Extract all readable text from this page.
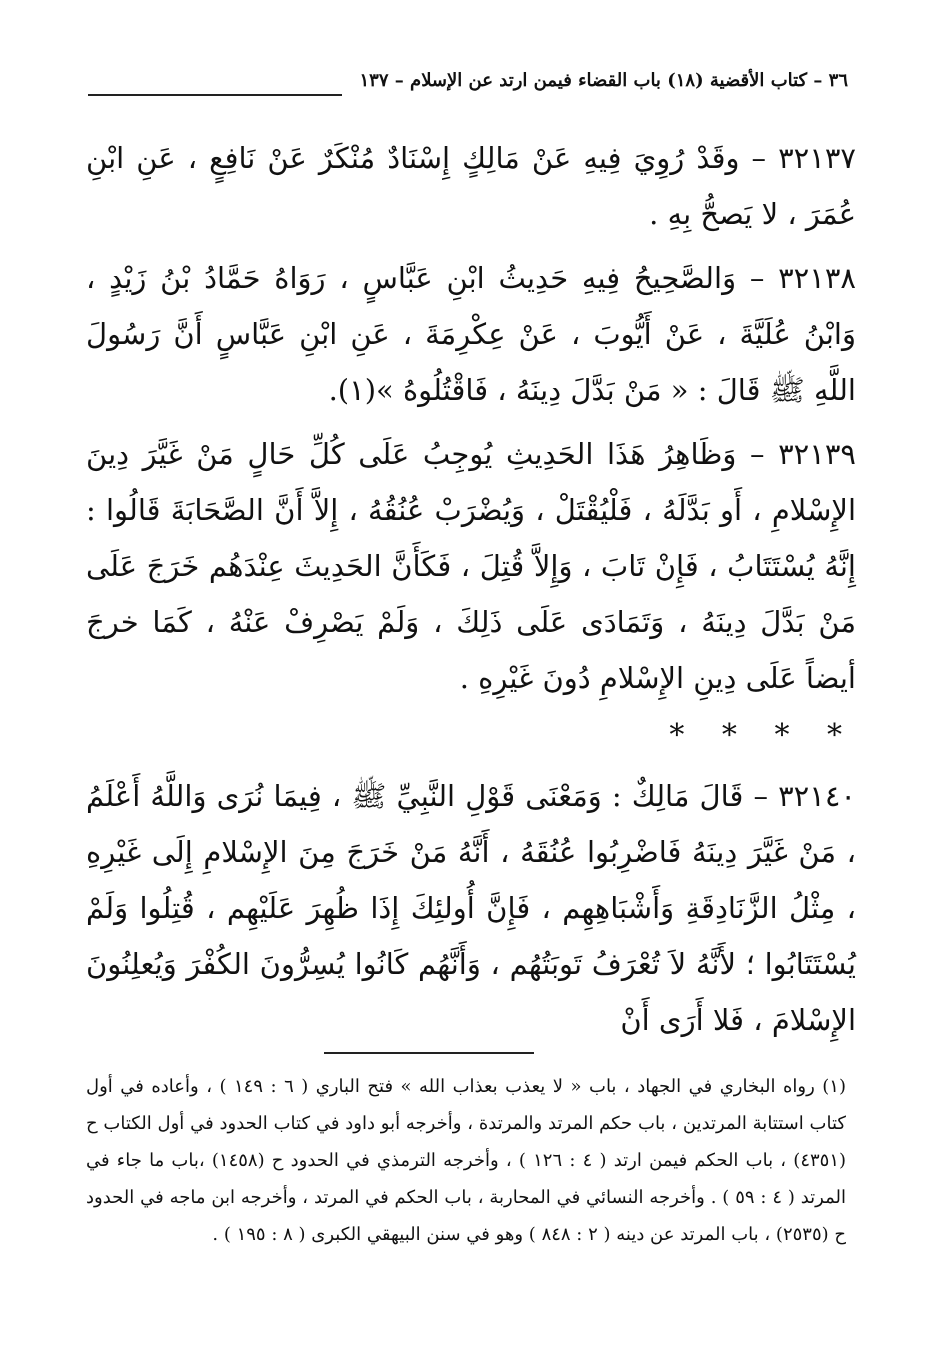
٣٦ – كتاب الأقضية (١٨) باب القضاء فيمن ارتد عن الإسلام – ١٣٧

٣٢١٣٧ – وقَدْ رُوِيَ فِيهِ عَنْ مَالِكٍ إِسْنَادٌ مُنْكَرٌ عَنْ نَافِعٍ ، عَنِ ابْنِ عُمَرَ ، لا يَصحُّ بِهِ .

٣٢١٣٨ – وَالصَّحِيحُ فِيهِ حَدِيثُ ابْنِ عَبَّاسٍ ، رَوَاهُ حَمَّادُ بْنُ زَيْدٍ ، وَابْنُ عُلَيَّةَ ، عَنْ أَيُّوبَ ، عَنْ عِكْرِمَةَ ، عَنِ ابْنِ عَبَّاسٍ أَنَّ رَسُولَ اللَّهِ ﷺ قَالَ : « مَنْ بَدَّلَ دِينَهُ ، فَاقْتُلُوهُ »(١).

٣٢١٣٩ – وَظَاهِرُ هَذَا الحَدِيثِ يُوجِبُ عَلَى كُلِّ حَالٍ مَنْ غَيَّرَ دِينَ الإِسْلامِ ، أَو بَدَّلَهُ ، فَلْيُقْتَلْ ، وَيُضْرَبْ عُنُقُهُ ، إِلاَّ أَنَّ الصَّحَابَةَ قَالُوا : إِنَّهُ يُسْتَتَابُ ، فَإِنْ تَابَ ، وَإِلاَّ قُتِلَ ، فَكَأَنَّ الحَدِيثَ عِنْدَهُم خَرَجَ عَلَى مَنْ بَدَّلَ دِينَهُ ، وَتَمَادَى عَلَى ذَلِكَ ، وَلَمْ يَصْرِفْ عَنْهُ ، كَمَا خرجَ أيضاً عَلَى دِينِ الإِسْلامِ دُونَ غَيْرِهِ .

* * * *

٣٢١٤٠ – قَالَ مَالِكٌ : وَمَعْنَى قَوْلِ النَّبِيِّ ﷺ ، فِيمَا نُرَى وَاللَّهُ أَعْلَمُ ، مَنْ غَيَّرَ دِينَهُ فَاضْرِبُوا عُنُقَهُ ، أَنَّهُ مَنْ خَرَجَ مِنَ الإِسْلامِ إِلَى غَيْرِهِ ، مِثْلُ الزَّنَادِقَةِ وَأَشْبَاهِهِم ، فَإِنَّ أُولئِكَ إِذَا ظُهِرَ عَلَيْهِم ، قُتِلُوا وَلَمْ يُسْتَتَابُوا ؛ لأَنَّهُ لاَ تُعْرَفُ تَوبَتُهُم ، وَأَنَّهُم كَانُوا يُسِرُّونَ الكُفْرَ وَيُعلِنُونَ الإِسْلامَ ، فَلا أَرَى أَنْ

(١) رواه البخاري في الجهاد ، باب « لا يعذب بعذاب الله » فتح الباري ( ٦ : ١٤٩ ) ، وأعاده في أول كتاب استتابة المرتدين ، باب حكم المرتد والمرتدة ، وأخرجه أبو داود في كتاب الحدود في أول الكتاب ح (٤٣٥١) ، باب الحكم فيمن ارتد ( ٤ : ١٢٦ ) ، وأخرجه الترمذي في الحدود ح (١٤٥٨) ،باب ما جاء في المرتد ( ٤ : ٥٩ ) . وأخرجه النسائي في المحاربة ، باب الحكم في المرتد ، وأخرجه ابن ماجه في الحدود ح (٢٥٣٥) ، باب المرتد عن دينه ( ٢ : ٨٤٨ ) وهو في سنن البيهقي الكبرى ( ٨ : ١٩٥ ) .
